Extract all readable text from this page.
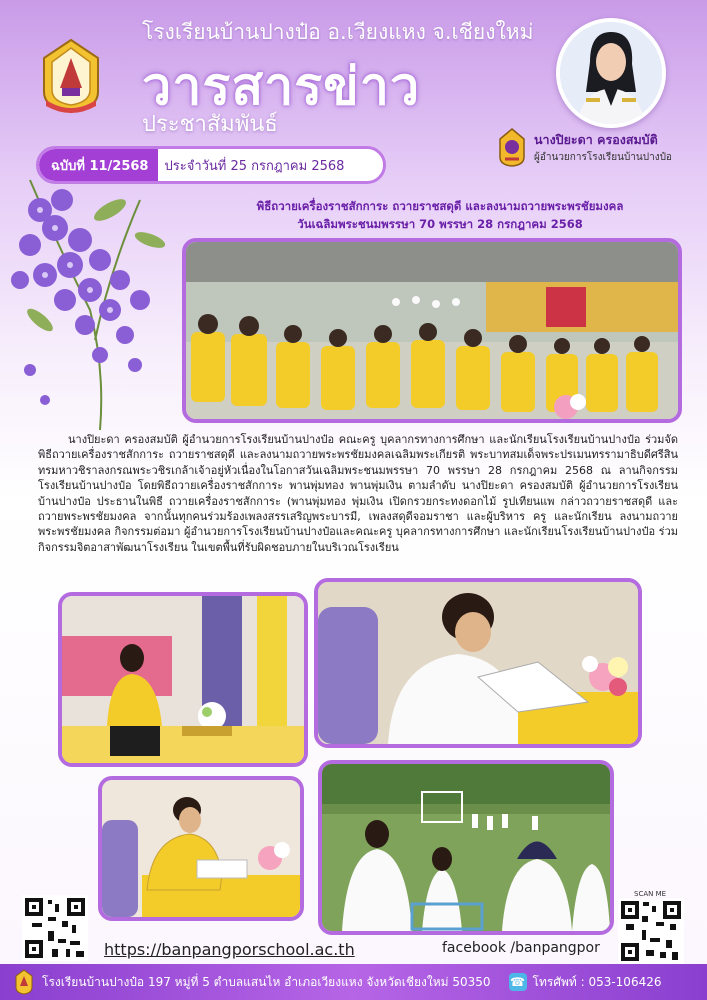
โรงเรียนบ้านปางป๋อ อ.เวียงแหง จ.เชียงใหม่
วารสารข่าว
ประชาสัมพันธ์
ฉบับที่ 11/2568	ประจำวันที่ 25 กรกฎาคม 2568
นางปิยะดา ครองสมบัติ
ผู้อำนวยการโรงเรียนบ้านปางป๋อ
พิธีถวายเครื่องราชสักการะ ถวายราชสดุดี และลงนามถวายพระพรชัยมงคล
วันเฉลิมพระชนมพรรษา 70 พรรษา 28 กรกฎาคม 2568

นางปิยะดา ครองสมบัติ ผู้อำนวยการโรงเรียนบ้านปางป๋อ คณะครู บุคลากรทางการศึกษา และนักเรียนโรงเรียนบ้านปางป๋อ ร่วมจัดพิธีถวายเครื่องราชสักการะ ถวายราชสดุดี และลงนามถวายพระพรชัยมงคลเฉลิมพระเกียรติ พระบาทสมเด็จพระปรเมนทรรามาธิบดีศรีสินทรมหาวชิราลงกรณพระวชิรเกล้าเจ้าอยู่หัวเนื่องในโอกาสวันเฉลิมพระชนมพรรษา 70 พรรษา 28 กรกฎาคม 2568 ณ ลานกิจกรรมโรงเรียนบ้านปางป๋อ โดยพิธีถวายเครื่องราชสักการะ พานพุ่มทอง พานพุ่มเงิน ตามลำดับ นางปิยะดา ครองสมบัติ ผู้อำนวยการโรงเรียนบ้านปางป๋อ ประธานในพิธี ถวายเครื่องราชสักการะ (พานพุ่มทอง พุ่มเงิน เปิดกรวยกระทงดอกไม้ รูปเทียนแพ กล่าวถวายราชสดุดี และถวายพระพรชัยมงคล จากนั้นทุกคนร่วมร้องเพลงสรรเสริญพระบารมี, เพลงสดุดีจอมราชา และผู้บริหาร ครู และนักเรียน ลงนามถวายพระพรชัยมงคล กิจกรรมต่อมา ผู้อำนวยการโรงเรียนบ้านปางป๋อและคณะครู บุคลากรทางการศึกษา และนักเรียนโรงเรียนบ้านปางป๋อ ร่วมกิจกรรมจิตอาสาพัฒนาโรงเรียน ในเขตพื้นที่รับผิดชอบภายในบริเวณโรงเรียน

https://banpangporschool.ac.th	facebook /banpangpor
SCAN ME
โรงเรียนบ้านปางป๋อ 197 หมู่ที่ 5 ตำบลแสนไห อำเภอเวียงแหง จังหวัดเชียงใหม่ 50350 ☎ โทรศัพท์ : 053-106426
